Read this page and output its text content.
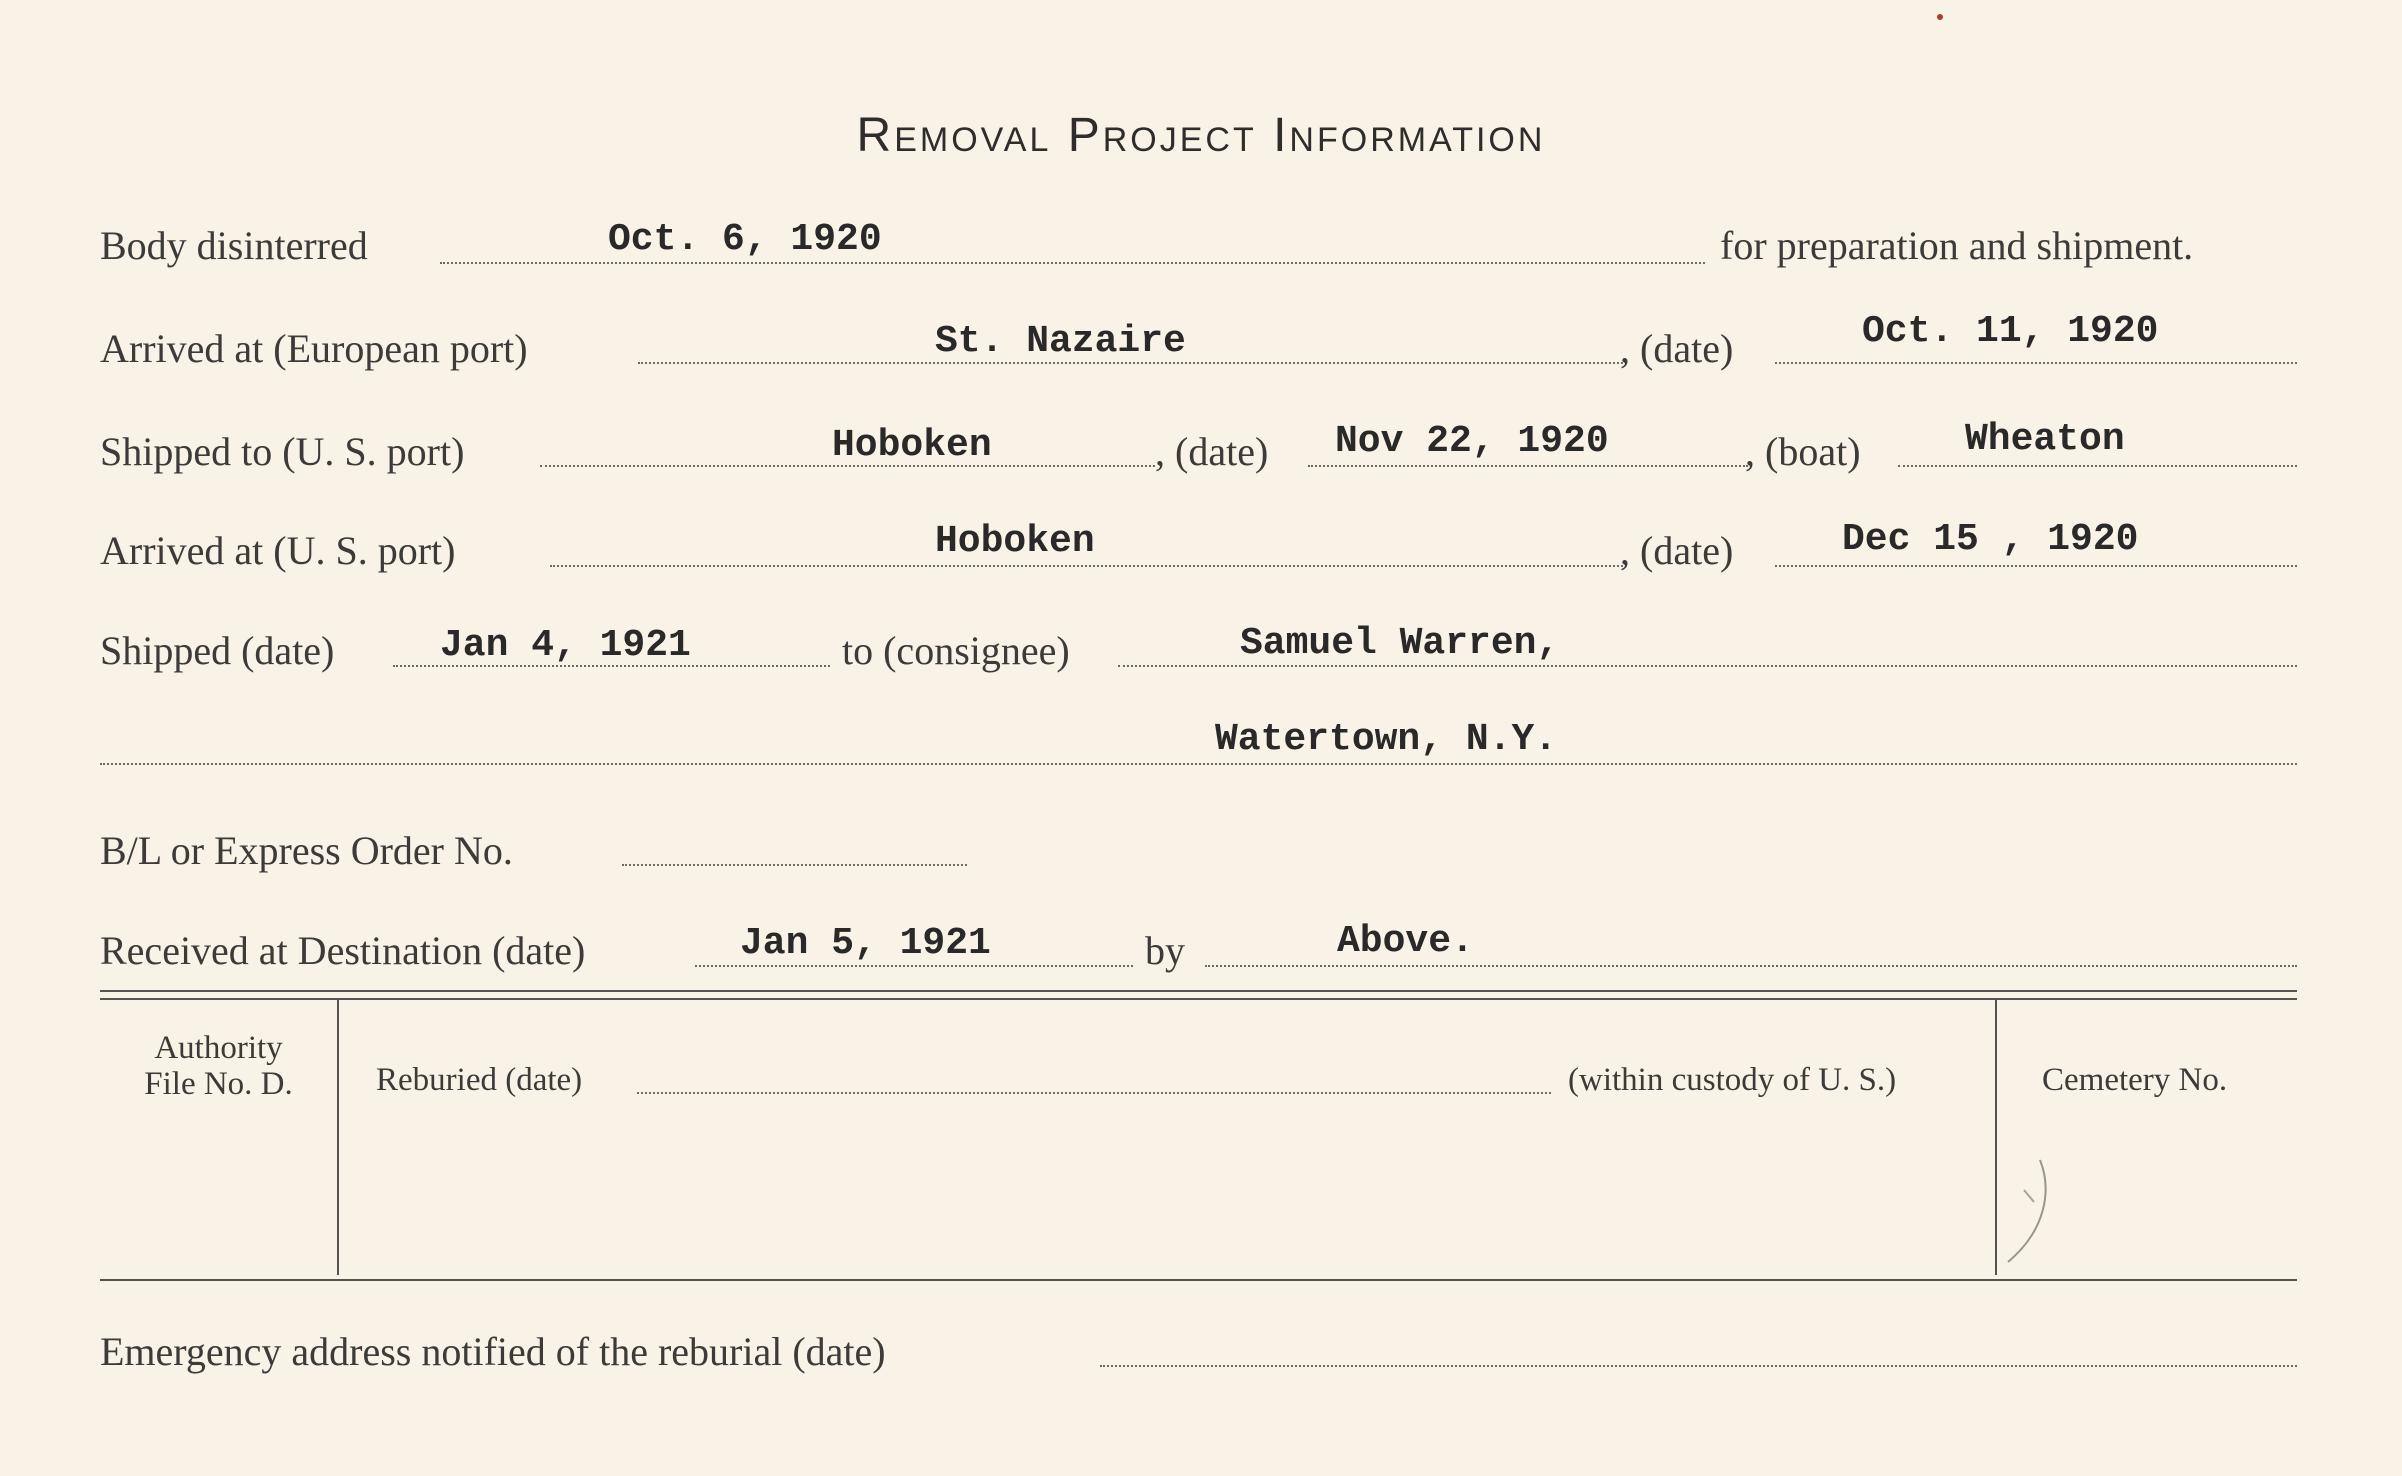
Removal Project Information
Body disinterred	Oct. 6, 1920	for preparation and shipment.
Arrived at (European port)	St. Nazaire	, (date)	Oct. 11, 1920
Shipped to (U. S. port)	Hoboken	, (date) Nov 22, 1920	, (boat)	Wheaton
Arrived at (U. S. port)	Hoboken	, (date)	Dec 15 , 1920
Shipped (date)	Jan 4, 1921	to (consignee)	Samuel Warren,
Watertown, N.Y.
B/L or Express Order No.
Received at Destination (date)	Jan 5, 1921	by	Above.
Authority
File No. D.	Reburied (date)	(within custody of U. S.)	Cemetery No.
Emergency address notified of the reburial (date)
